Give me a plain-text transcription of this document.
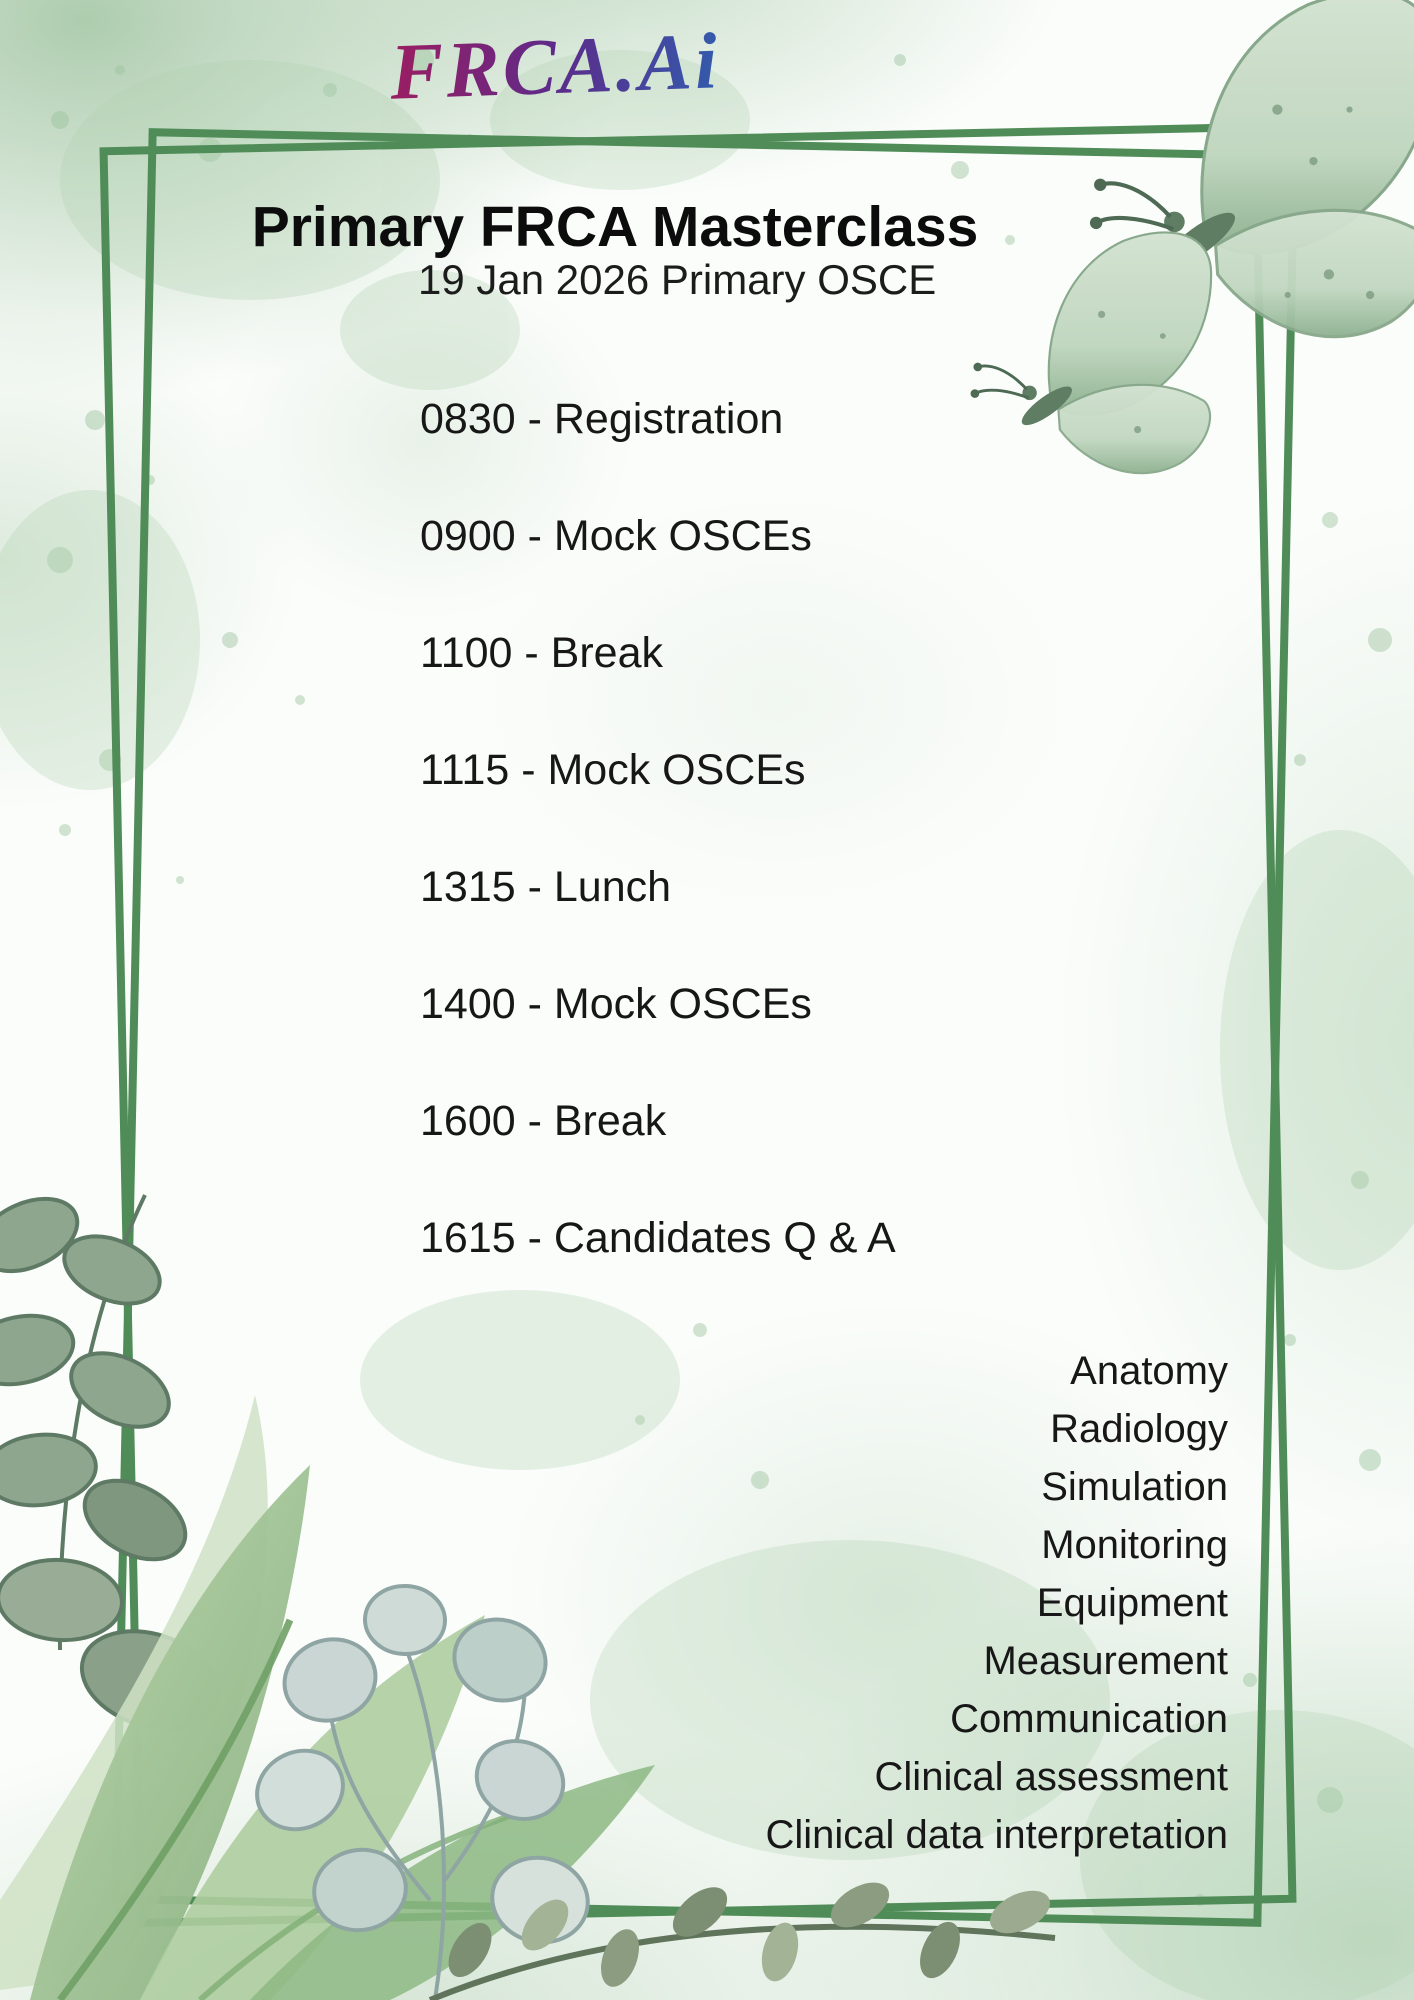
FRCA.Ai
Primary FRCA Masterclass
19 Jan 2026 Primary OSCE
0830 - Registration
0900 - Mock OSCEs
1100 - Break
1115 - Mock OSCEs
1315 - Lunch
1400 - Mock OSCEs
1600 - Break
1615 - Candidates Q & A
Anatomy
Radiology
Simulation
Monitoring
Equipment
Measurement
Communication
Clinical assessment
Clinical data interpretation
